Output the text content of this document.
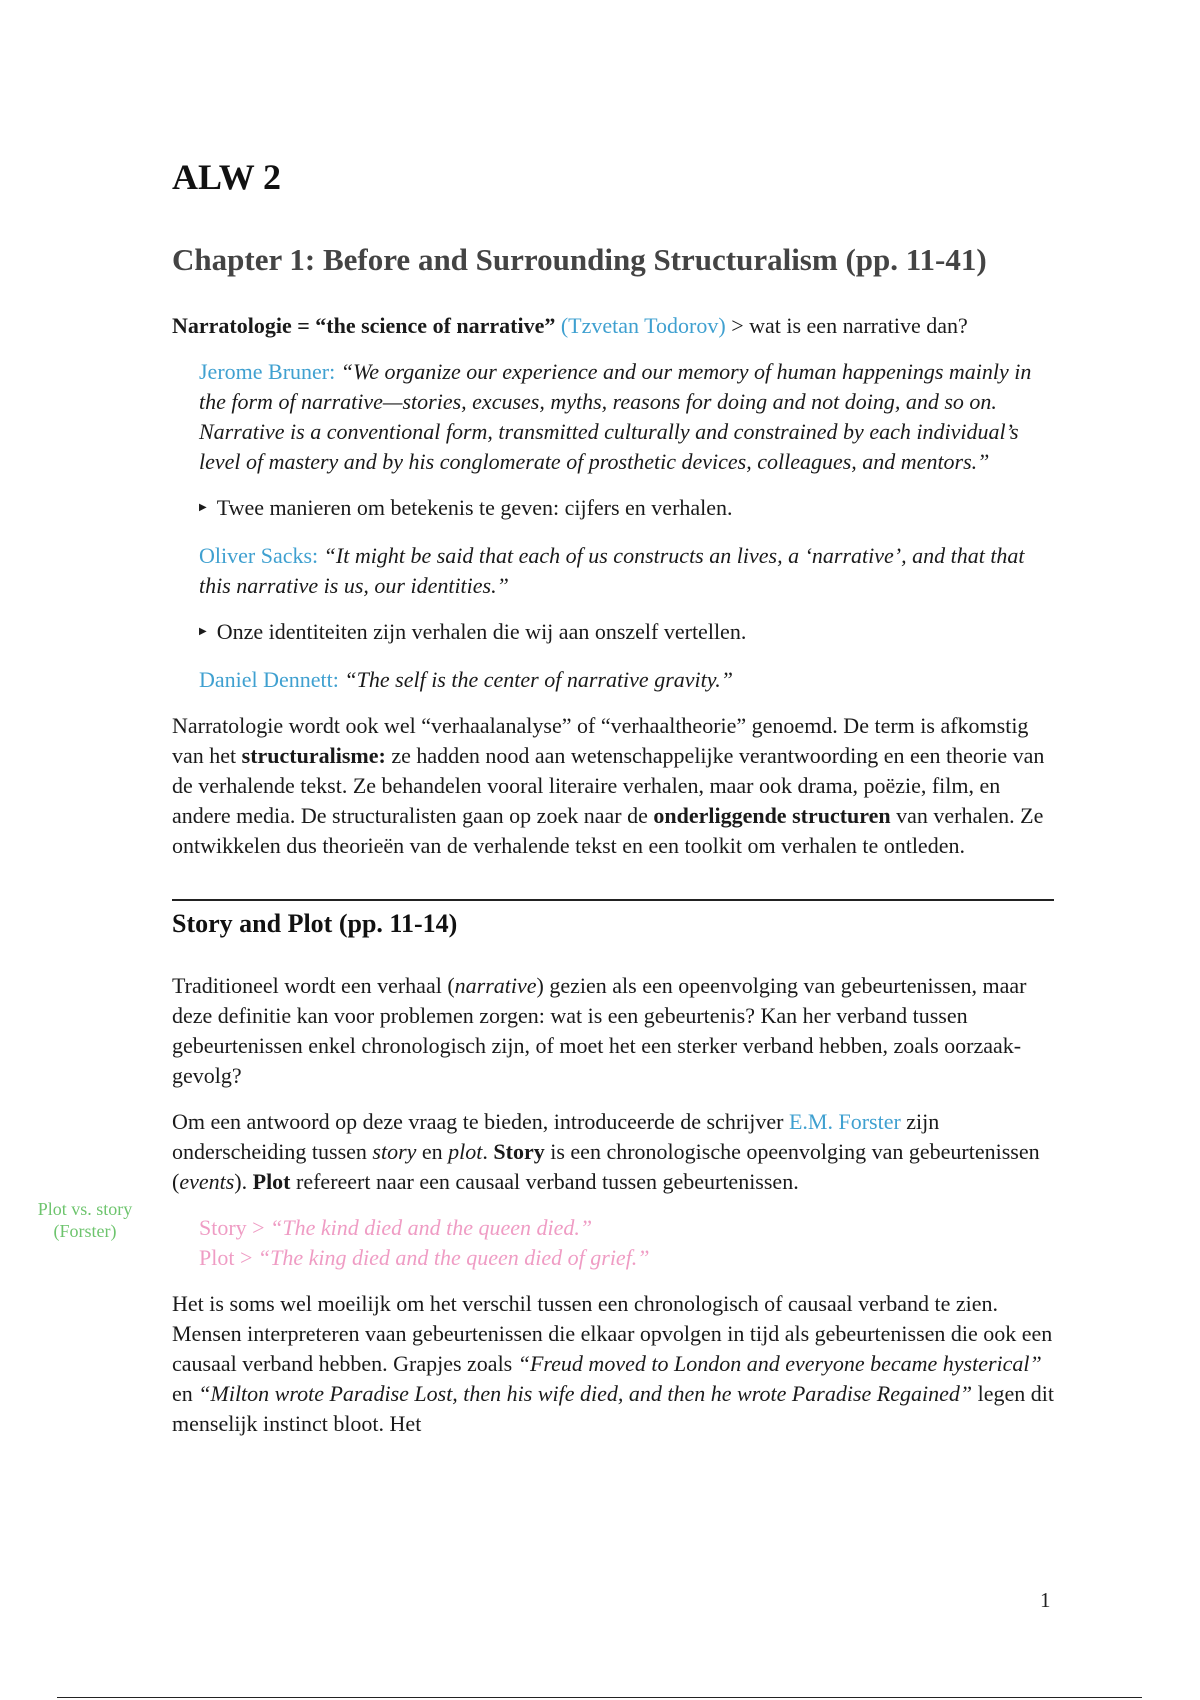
ALW 2
Chapter 1: Before and Surrounding Structuralism (pp. 11-41)

Narratologie = “the science of narrative” (Tzvetan Todorov) > wat is een narrative dan?

Jerome Bruner: “We organize our experience and our memory of human happenings mainly in the form of narrative—stories, excuses, myths, reasons for doing and not doing, and so on. Narrative is a conventional form, transmitted culturally and constrained by each individual’s level of mastery and by his conglomerate of prosthetic devices, colleagues, and mentors.”
▶ Twee manieren om betekenis te geven: cijfers en verhalen.
Oliver Sacks: “It might be said that each of us constructs an lives, a ‘narrative’, and that that this narrative is us, our identities.”
▶ Onze identiteiten zijn verhalen die wij aan onszelf vertellen.
Daniel Dennett: “The self is the center of narrative gravity.”

Narratologie wordt ook wel “verhaalanalyse” of “verhaaltheorie” genoemd. De term is afkomstig van het structuralisme: ze hadden nood aan wetenschappelijke verantwoording en een theorie van de verhalende tekst. Ze behandelen vooral literaire verhalen, maar ook drama, poëzie, film, en andere media. De structuralisten gaan op zoek naar de onderliggende structuren van verhalen. Ze ontwikkelen dus theorieën van de verhalende tekst en een toolkit om verhalen te ontleden.

Story and Plot (pp. 11-14)

Traditioneel wordt een verhaal (narrative) gezien als een opeenvolging van gebeurtenissen, maar deze definitie kan voor problemen zorgen: wat is een gebeurtenis? Kan her verband tussen gebeurtenissen enkel chronologisch zijn, of moet het een sterker verband hebben, zoals oorzaak-gevolg?

Om een antwoord op deze vraag te bieden, introduceerde de schrijver E.M. Forster zijn onderscheiding tussen story en plot. Story is een chronologische opeenvolging van gebeurtenissen (events). Plot refereert naar een causaal verband tussen gebeurtenissen.

Story > “The kind died and the queen died.”
Plot > “The king died and the queen died of grief.”

Het is soms wel moeilijk om het verschil tussen een chronologisch of causaal verband te zien. Mensen interpreteren vaan gebeurtenissen die elkaar opvolgen in tijd als gebeurtenissen die ook een causaal verband hebben. Grapjes zoals “Freud moved to London and everyone became hysterical” en “Milton wrote Paradise Lost, then his wife died, and then he wrote Paradise Regained” legen dit menselijk instinct bloot. Het

Plot vs. story
(Forster)
1
